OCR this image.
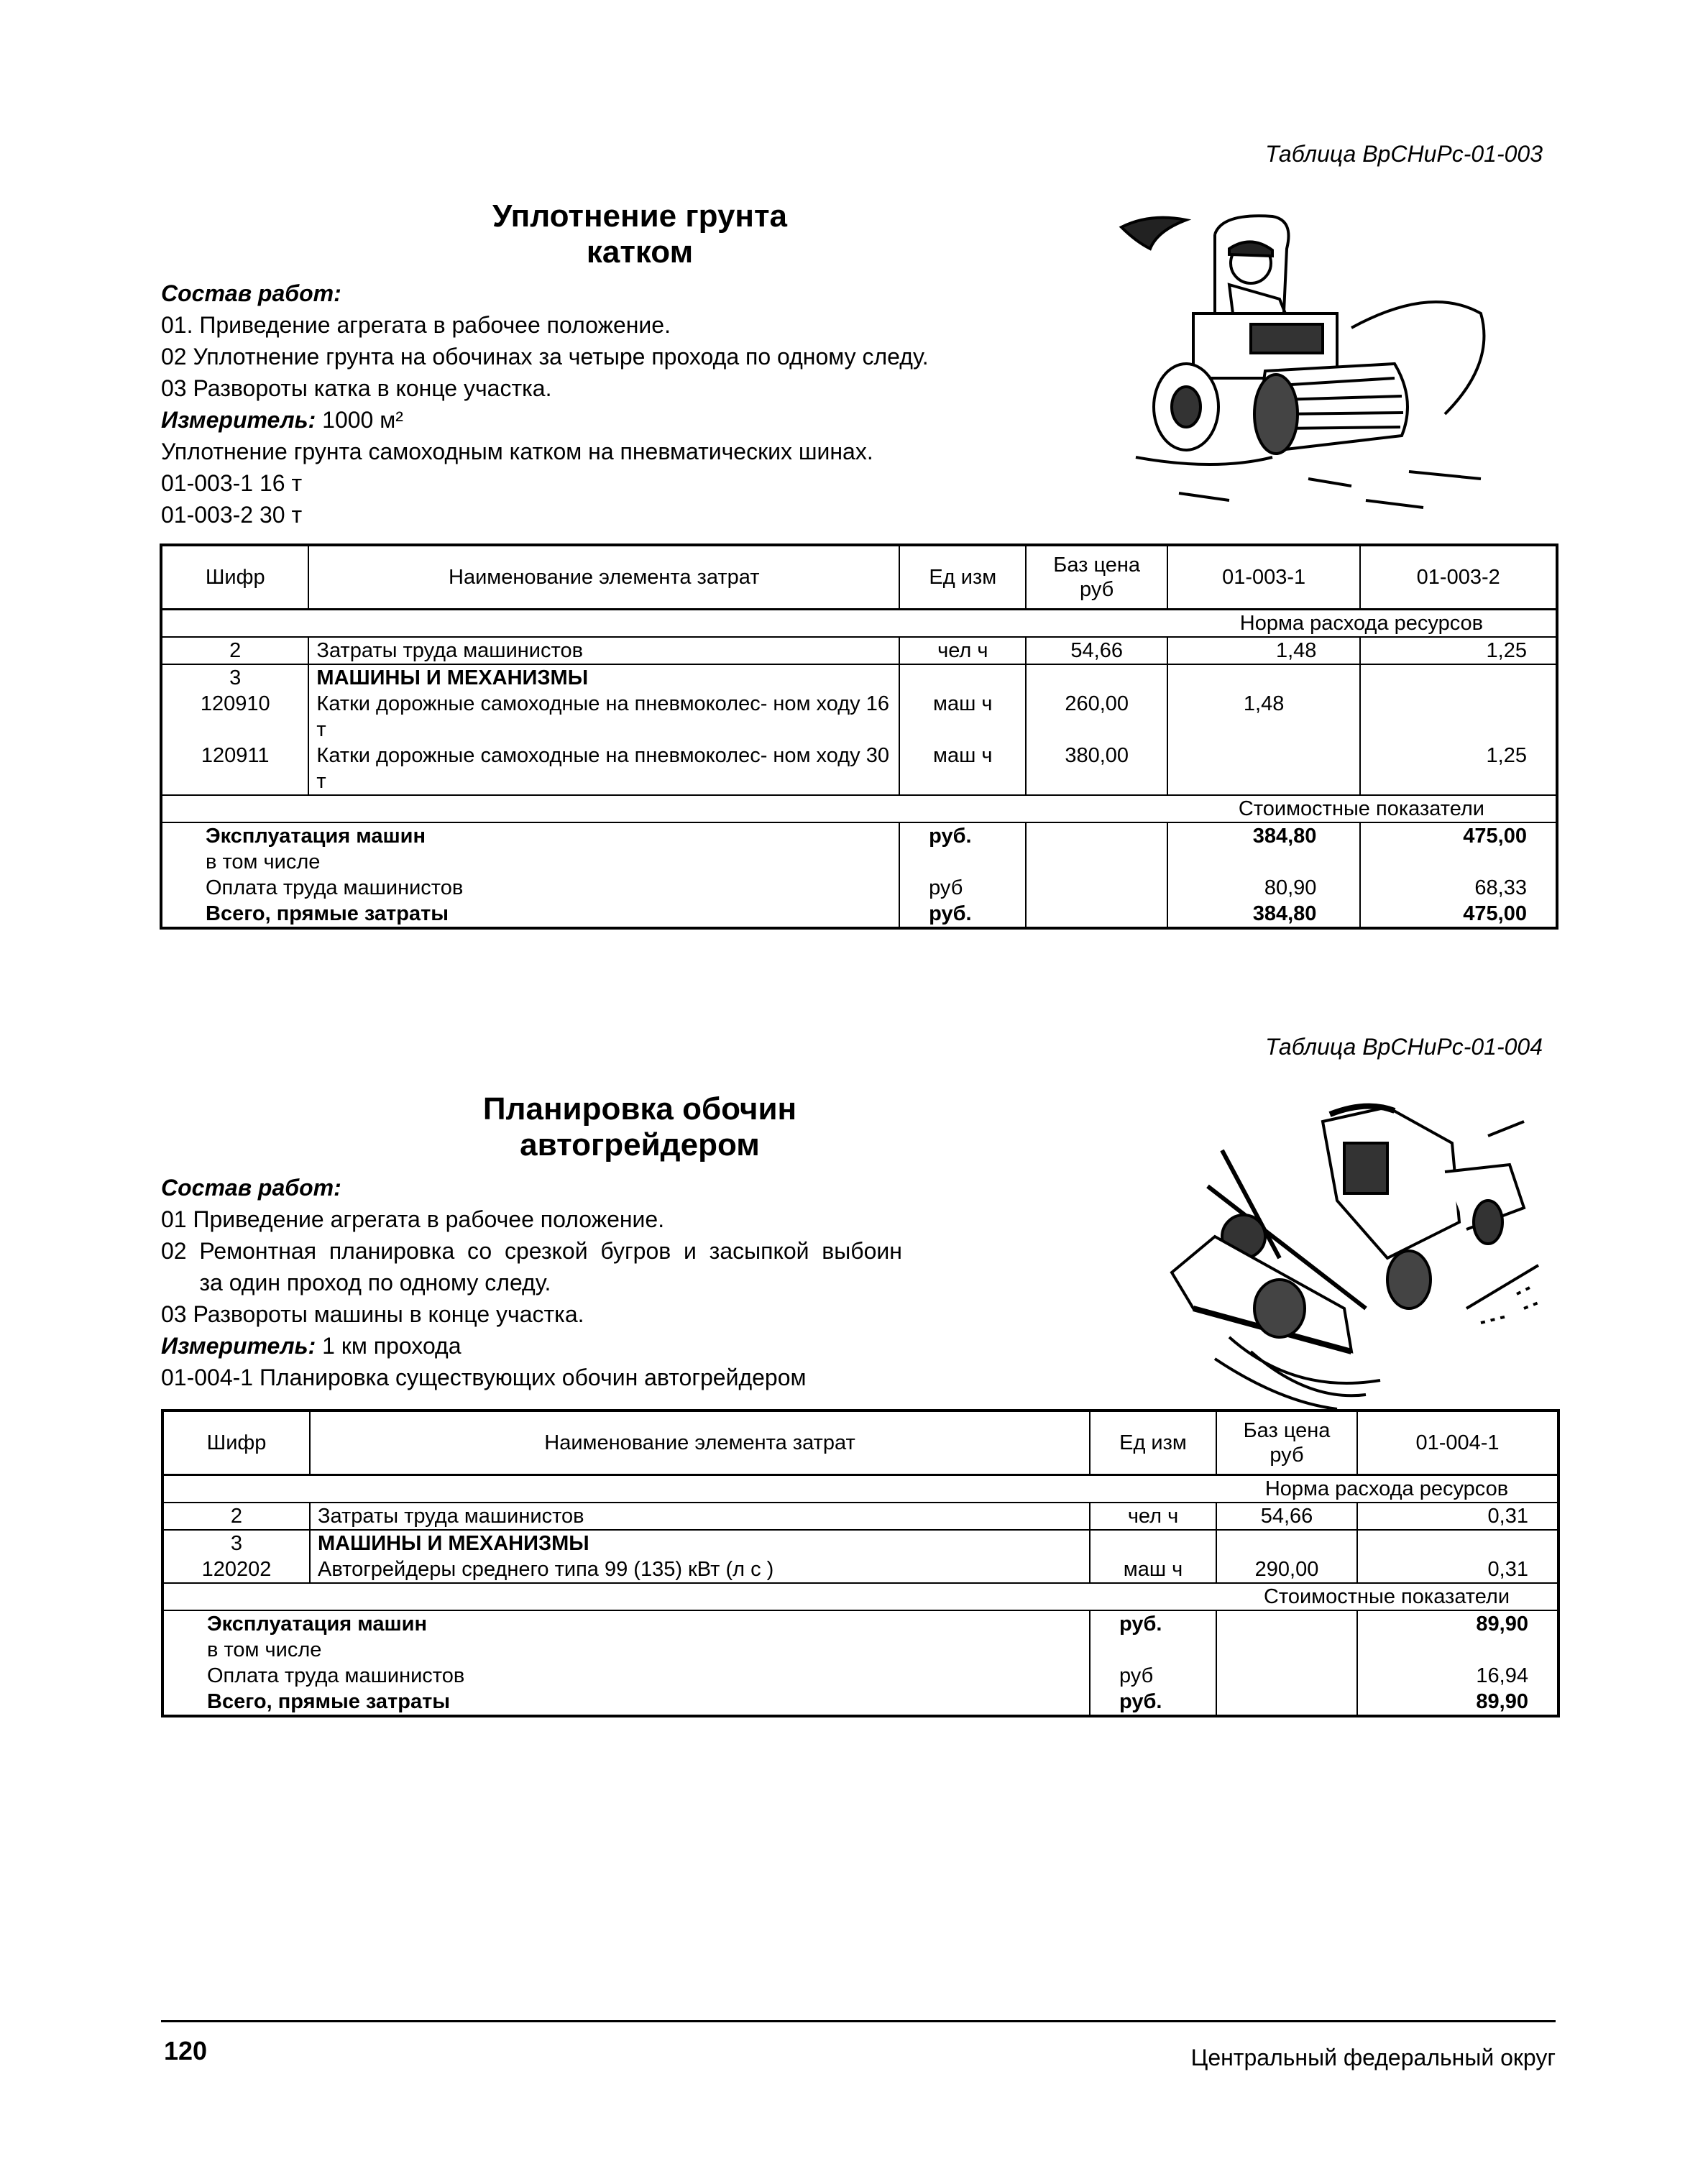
Таблица ВрСНиРс-01-003
Уплотнение грунта
катком
Состав работ:
01. Приведение агрегата в рабочее положение.
02 Уплотнение грунта на обочинах за четыре прохода по одному следу.
03 Развороты катка в конце участка.
Измеритель: 1000 м²
Уплотнение грунта самоходным катком на пневматических шинах.
01-003-1 16 т
01-003-2 30 т
Шифр	Наименование элемента затрат	Ед изм	Баз цена руб	01-003-1	01-003-2
				Норма расхода ресурсов	
2	Затраты труда машинистов	чел ч	54,66	1,48	1,25
3	МАШИНЫ И МЕХАНИЗМЫ				
120910	Катки дорожные самоходные на пневмоколес- ном ходу 16 т	маш ч	260,00	1,48	
120911	Катки дорожные самоходные на пневмоколес- ном ходу 30 т	маш ч	380,00		1,25
				Стоимостные показатели	
Эксплуатация машин		руб.		384,80	475,00
в том числе					
Оплата труда машинистов		руб		80,90	68,33
Всего, прямые затраты		руб.		384,80	475,00
Таблица ВрСНиРс-01-004
Планировка обочин
автогрейдером
Состав работ:
01 Приведение агрегата в рабочее положение.
02  Ремонтная  планировка  со  срезкой  бугров  и  засыпкой  выбоин
за один проход по одному следу.
03 Развороты машины в конце участка.
Измеритель: 1 км прохода
01-004-1 Планировка существующих обочин автогрейдером
Шифр	Наименование элемента затрат	Ед изм	Баз цена руб	01-004-1
			Норма расхода ресурсов	
2	Затраты труда машинистов	чел ч	54,66	0,31
3	МАШИНЫ И МЕХАНИЗМЫ			
120202	Автогрейдеры среднего типа 99 (135) кВт (л с )	маш ч	290,00	0,31
			Стоимостные показатели	
Эксплуатация машин		руб.		89,90
в том числе				
Оплата труда машинистов		руб		16,94
Всего, прямые затраты		руб.		89,90
120	Центральный федеральный округ
